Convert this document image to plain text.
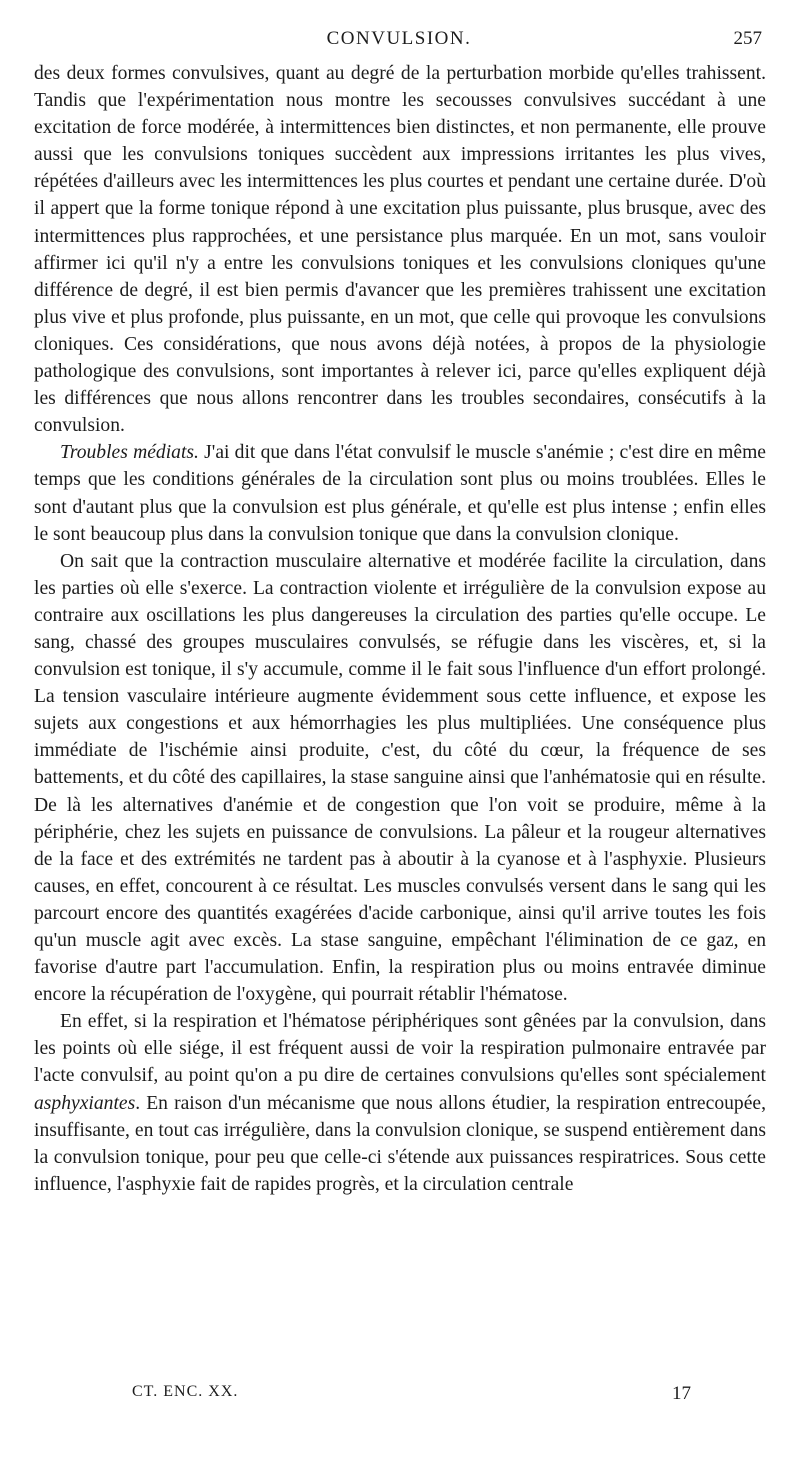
CONVULSION.	257

des deux formes convulsives, quant au degré de la perturbation morbide qu'elles trahissent. Tandis que l'expérimentation nous montre les secousses convulsives succédant à une excitation de force modérée, à intermittences bien distinctes, et non permanente, elle prouve aussi que les convulsions toniques succèdent aux impressions irritantes les plus vives, répétées d'ailleurs avec les intermittences les plus courtes et pendant une certaine durée. D'où il appert que la forme tonique répond à une excitation plus puissante, plus brusque, avec des intermittences plus rapprochées, et une persistance plus marquée. En un mot, sans vouloir affirmer ici qu'il n'y a entre les convulsions toniques et les convulsions cloniques qu'une différence de degré, il est bien permis d'avancer que les premières trahissent une excitation plus vive et plus profonde, plus puissante, en un mot, que celle qui provoque les convulsions cloniques. Ces considérations, que nous avons déjà notées, à propos de la physiologie pathologique des convulsions, sont importantes à relever ici, parce qu'elles expliquent déjà les différences que nous allons rencontrer dans les troubles secondaires, consécutifs à la convulsion.

Troubles médiats. J'ai dit que dans l'état convulsif le muscle s'anémie ; c'est dire en même temps que les conditions générales de la circulation sont plus ou moins troublées. Elles le sont d'autant plus que la convulsion est plus générale, et qu'elle est plus intense ; enfin elles le sont beaucoup plus dans la convulsion tonique que dans la convulsion clonique.

On sait que la contraction musculaire alternative et modérée facilite la circulation, dans les parties où elle s'exerce. La contraction violente et irrégulière de la convulsion expose au contraire aux oscillations les plus dangereuses la circulation des parties qu'elle occupe. Le sang, chassé des groupes musculaires convulsés, se réfugie dans les viscères, et, si la convulsion est tonique, il s'y accumule, comme il le fait sous l'influence d'un effort prolongé. La tension vasculaire intérieure augmente évidemment sous cette influence, et expose les sujets aux congestions et aux hémorrhagies les plus multipliées. Une conséquence plus immédiate de l'ischémie ainsi produite, c'est, du côté du cœur, la fréquence de ses battements, et du côté des capillaires, la stase sanguine ainsi que l'anhématosie qui en résulte. De là les alternatives d'anémie et de congestion que l'on voit se produire, même à la périphérie, chez les sujets en puissance de convulsions. La pâleur et la rougeur alternatives de la face et des extrémités ne tardent pas à aboutir à la cyanose et à l'asphyxie. Plusieurs causes, en effet, concourent à ce résultat. Les muscles convulsés versent dans le sang qui les parcourt encore des quantités exagérées d'acide carbonique, ainsi qu'il arrive toutes les fois qu'un muscle agit avec excès. La stase sanguine, empêchant l'élimination de ce gaz, en favorise d'autre part l'accumulation. Enfin, la respiration plus ou moins entravée diminue encore la récupération de l'oxygène, qui pourrait rétablir l'hématose.

En effet, si la respiration et l'hématose périphériques sont gênées par la convulsion, dans les points où elle siége, il est fréquent aussi de voir la respiration pulmonaire entravée par l'acte convulsif, au point qu'on a pu dire de certaines convulsions qu'elles sont spécialement asphyxiantes. En raison d'un mécanisme que nous allons étudier, la respiration entrecoupée, insuffisante, en tout cas irrégulière, dans la convulsion clonique, se suspend entièrement dans la convulsion tonique, pour peu que celle-ci s'étende aux puissances respiratrices. Sous cette influence, l'asphyxie fait de rapides progrès, et la circulation centrale

CT. ENC. XX.	17
